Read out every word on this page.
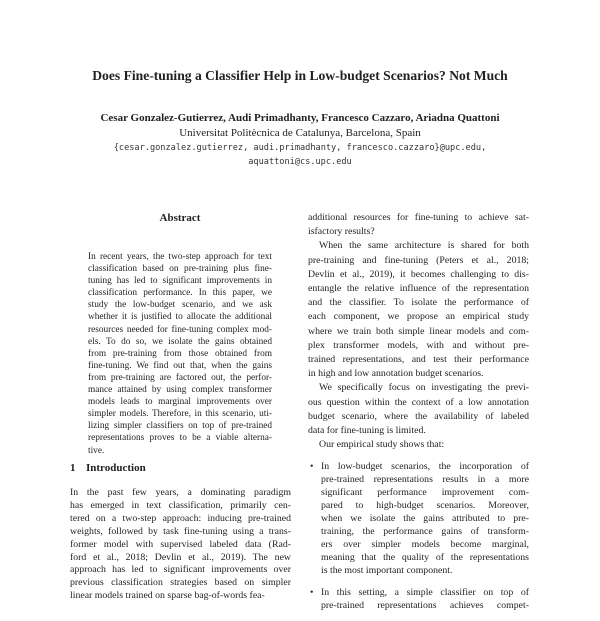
Does Fine-tuning a Classifier Help in Low-budget Scenarios? Not Much
Cesar Gonzalez-Gutierrez, Audi Primadhanty, Francesco Cazzaro, Ariadna Quattoni
Universitat Politècnica de Catalunya, Barcelona, Spain
{cesar.gonzalez.gutierrez, audi.primadhanty, francesco.cazzaro}@upc.edu,
aquattoni@cs.upc.edu
Abstract
In recent years, the two-step approach for text
classification based on pre-training plus fine-
tuning has led to significant improvements in
classification performance. In this paper, we
study the low-budget scenario, and we ask
whether it is justified to allocate the additional
resources needed for fine-tuning complex mod-
els. To do so, we isolate the gains obtained
from pre-training from those obtained from
fine-tuning. We find out that, when the gains
from pre-training are factored out, the perfor-
mance attained by using complex transformer
models leads to marginal improvements over
simpler models. Therefore, in this scenario, uti-
lizing simpler classifiers on top of pre-trained
representations proves to be a viable alterna-
tive.
1 Introduction
In the past few years, a dominating paradigm
has emerged in text classification, primarily cen-
tered on a two-step approach: inducing pre-trained
weights, followed by task fine-tuning using a trans-
former model with supervised labeled data (Rad-
ford et al., 2018; Devlin et al., 2019). The new
approach has led to significant improvements over
previous classification strategies based on simpler
linear models trained on sparse bag-of-words fea-
additional resources for fine-tuning to achieve sat-
isfactory results?
When the same architecture is shared for both
pre-training and fine-tuning (Peters et al., 2018;
Devlin et al., 2019), it becomes challenging to dis-
entangle the relative influence of the representation
and the classifier. To isolate the performance of
each component, we propose an empirical study
where we train both simple linear models and com-
plex transformer models, with and without pre-
trained representations, and test their performance
in high and low annotation budget scenarios.
We specifically focus on investigating the previ-
ous question within the context of a low annotation
budget scenario, where the availability of labeled
data for fine-tuning is limited.
Our empirical study shows that:
• In low-budget scenarios, the incorporation of
pre-trained representations results in a more
significant performance improvement com-
pared to high-budget scenarios. Moreover,
when we isolate the gains attributed to pre-
training, the performance gains of transform-
ers over simpler models become marginal,
meaning that the quality of the representations
is the most important component.
• In this setting, a simple classifier on top of
pre-trained representations achieves compet-
